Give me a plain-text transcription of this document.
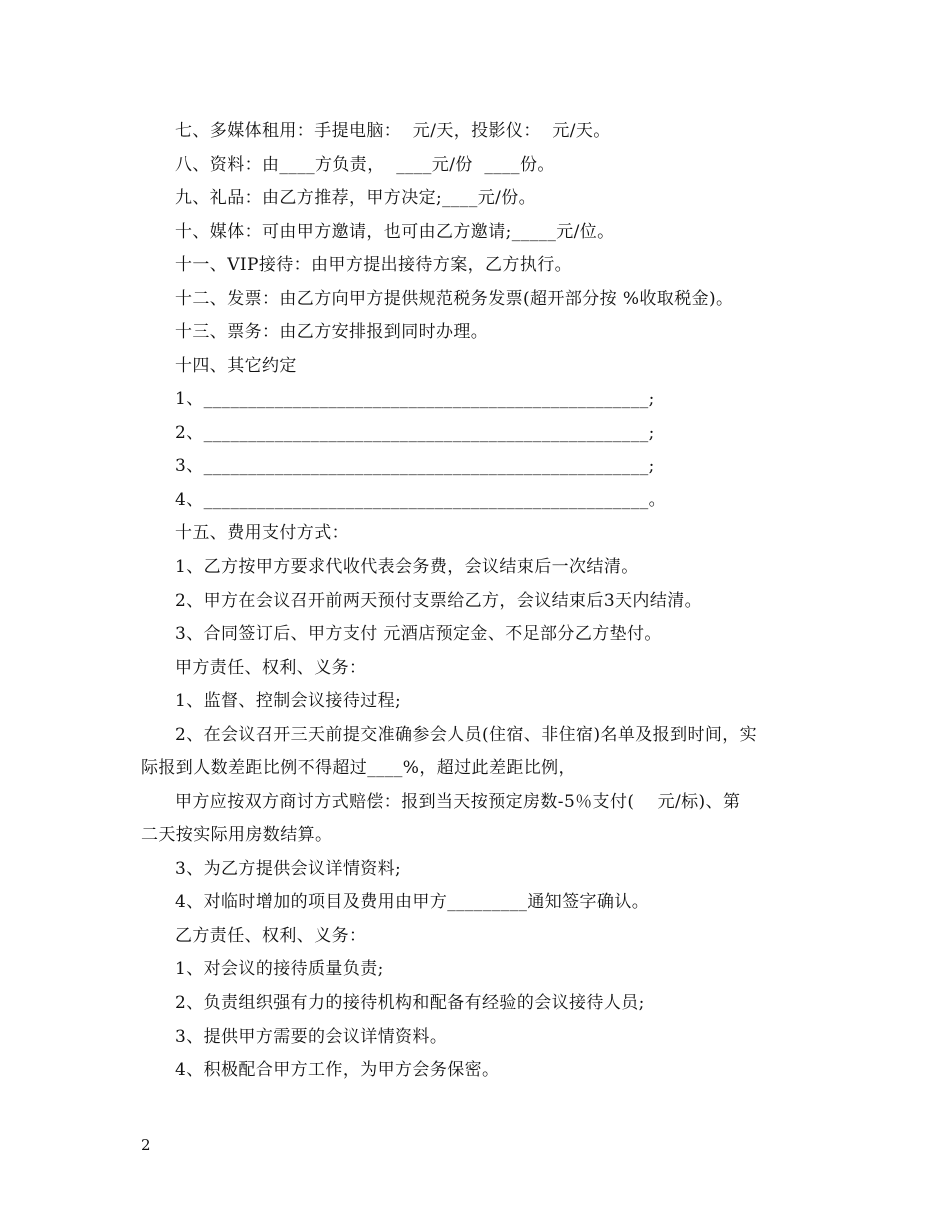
七、多媒体租用：手提电脑：  元/天，投影仪：  元/天。
八、资料：由____方负责，  ____元/份  ____份。
九、礼品：由乙方推荐，甲方决定;____元/份。
十、媒体：可由甲方邀请，也可由乙方邀请;_____元/位。
十一、VIP接待：由甲方提出接待方案，乙方执行。
十二、发票：由乙方向甲方提供规范税务发票(超开部分按 %收取税金)。
十三、票务：由乙方安排报到同时办理。
十四、其它约定
1、__________________________________________________;
2、__________________________________________________;
3、__________________________________________________;
4、__________________________________________________。
十五、费用支付方式：
1、乙方按甲方要求代收代表会务费，会议结束后一次结清。
2、甲方在会议召开前两天预付支票给乙方，会议结束后3天内结清。
3、合同签订后、甲方支付 元酒店预定金、不足部分乙方垫付。
甲方责任、权利、义务：
1、监督、控制会议接待过程;
2、在会议召开三天前提交准确参会人员(住宿、非住宿)名单及报到时间，实
际报到人数差距比例不得超过____%，超过此差距比例，
甲方应按双方商讨方式赔偿：报到当天按预定房数-5％支付(    元/标)、第
二天按实际用房数结算。
3、为乙方提供会议详情资料;
4、对临时增加的项目及费用由甲方_________通知签字确认。
乙方责任、权利、义务：
1、对会议的接待质量负责;
2、负责组织强有力的接待机构和配备有经验的会议接待人员;
3、提供甲方需要的会议详情资料。
4、积极配合甲方工作，为甲方会务保密。
2
